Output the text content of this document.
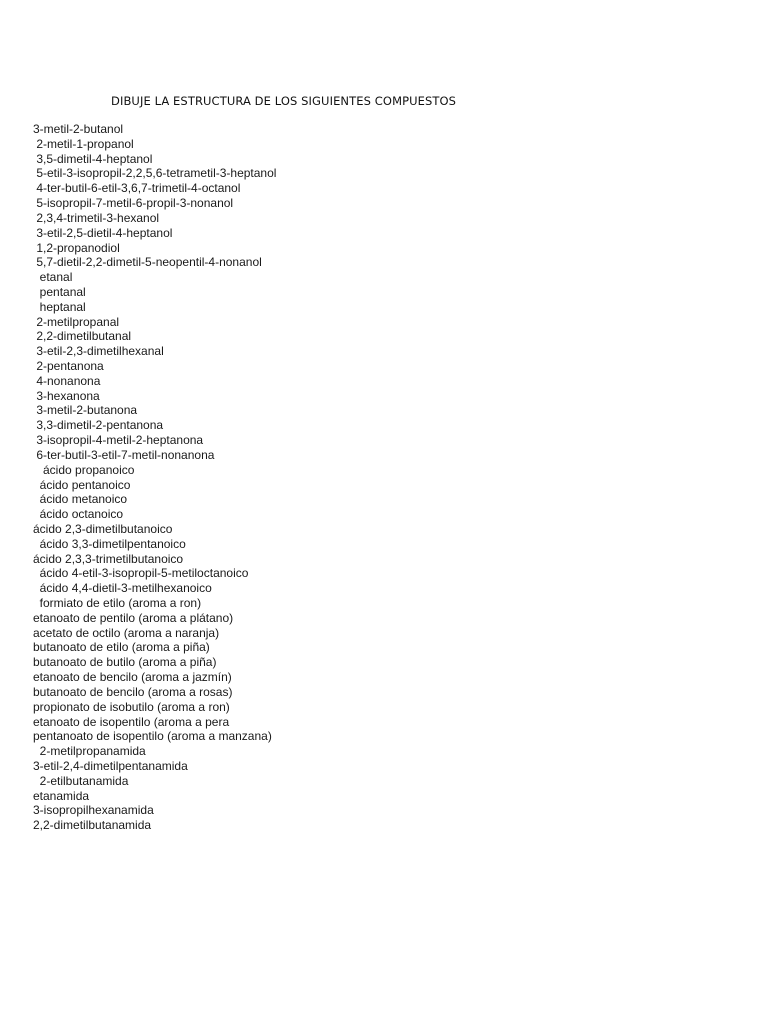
DIBUJE LA ESTRUCTURA DE LOS SIGUIENTES COMPUESTOS
3-metil-2-butanol
2-metil-1-propanol
3,5-dimetil-4-heptanol
5-etil-3-isopropil-2,2,5,6-tetrametil-3-heptanol
4-ter-butil-6-etil-3,6,7-trimetil-4-octanol
5-isopropil-7-metil-6-propil-3-nonanol
2,3,4-trimetil-3-hexanol
3-etil-2,5-dietil-4-heptanol
1,2-propanodiol
5,7-dietil-2,2-dimetil-5-neopentil-4-nonanol
etanal
pentanal
heptanal
2-metilpropanal
2,2-dimetilbutanal
3-etil-2,3-dimetilhexanal
2-pentanona
4-nonanona
3-hexanona
3-metil-2-butanona
3,3-dimetil-2-pentanona
3-isopropil-4-metil-2-heptanona
6-ter-butil-3-etil-7-metil-nonanona
ácido propanoico
ácido pentanoico
ácido metanoico
ácido octanoico
ácido 2,3-dimetilbutanoico
ácido 3,3-dimetilpentanoico
ácido 2,3,3-trimetilbutanoico
ácido 4-etil-3-isopropil-5-metiloctanoico
ácido 4,4-dietil-3-metilhexanoico
formiato de etilo (aroma a ron)
etanoato de pentilo (aroma a plátano)
acetato de octilo (aroma a naranja)
butanoato de etilo (aroma a piña)
butanoato de butilo (aroma a piña)
etanoato de bencilo (aroma a jazmín)
butanoato de bencilo (aroma a rosas)
propionato de isobutilo (aroma a ron)
etanoato de isopentilo (aroma a pera
pentanoato de isopentilo (aroma a manzana)
2-metilpropanamida
3-etil-2,4-dimetilpentanamida
2-etilbutanamida
etanamida
3-isopropilhexanamida
2,2-dimetilbutanamida
